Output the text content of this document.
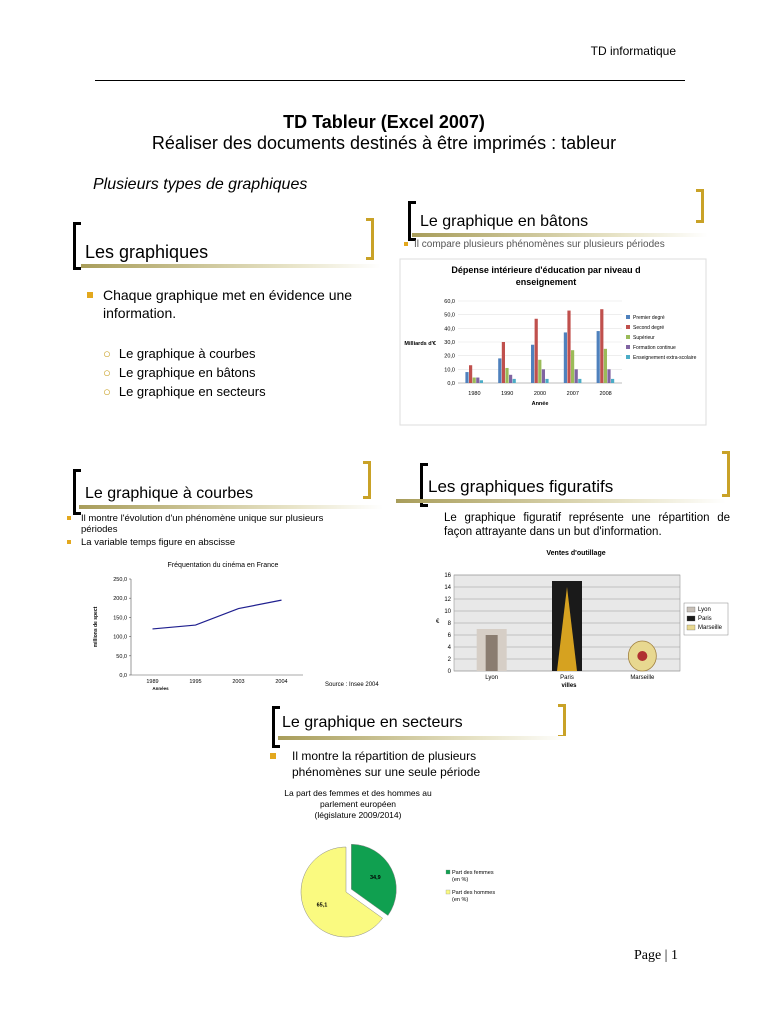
TD informatique
TD Tableur (Excel 2007)
Réaliser des documents destinés à être imprimés : tableur
Plusieurs types de graphiques
Les graphiques
Chaque graphique met en évidence une information.
○ Le graphique à courbes
○ Le graphique en bâtons
○ Le graphique en secteurs
Le graphique en bâtons
Il compare plusieurs phénomènes sur plusieurs périodes
Dépense intérieure d'éducation par niveau d
enseignement
0,0
10,0
20,0
30,0
40,0
50,0
60,0
Milliards d'€
1980	1990	2000	2007	2008
Année
Premier degré
Second degré
Supérieur
Formation continue
Enseignement extra-scolaire
Le graphique à courbes
Il montre l'évolution d'un phénomène unique sur plusieurs périodes
La variable temps figure en abscisse
Fréquentation du cinéma en France
0,0
50,0
100,0
150,0
200,0
250,0
millions de spect
1989	1995	2003	2004
Années
Source : Insee 2004
Les graphiques figuratifs
Le graphique figuratif représente une répartition de façon attrayante dans un but d'information.
Ventes d'outillage
0
2
4
6
8
10
12
14
16
€
Lyon	Paris	Marseille
villes
Lyon
Paris
Marseille
Le graphique en secteurs
Il montre la répartition de plusieurs phénomènes sur une seule période
La part des femmes et des hommes au
parlement européen
(législature 2009/2014)
34,9
65,1
Part des femmes
(en %)
Part des hommes
(en %)
Page | 1
